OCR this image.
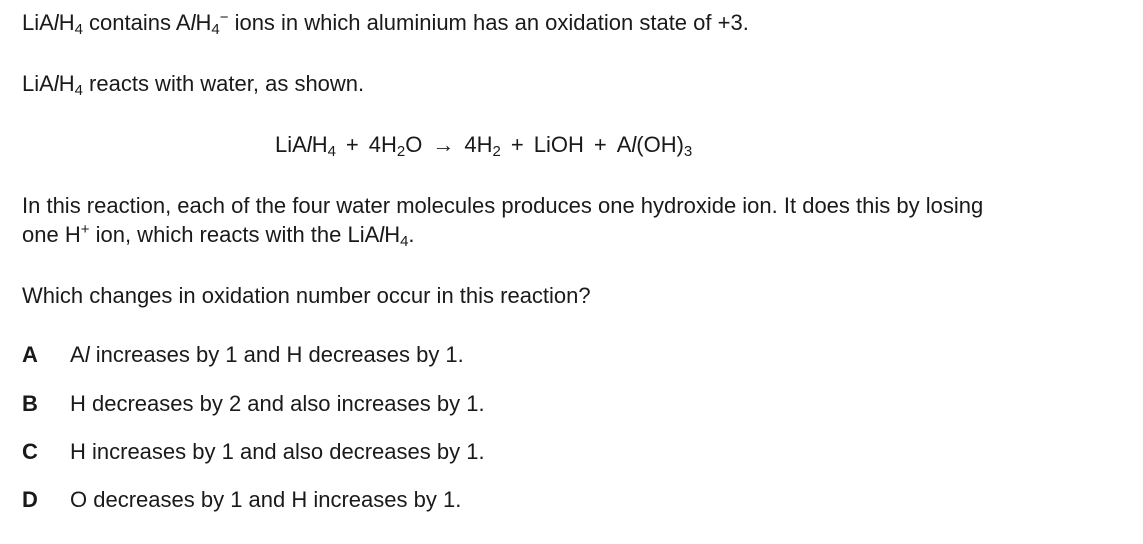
LiAlH$_4$ contains AlH$_4$− ions in which aluminium has an oxidation state of +3.
LiAlH$_4$ reacts with water, as shown.
LiAlH$_4$ + $4H_2O \to 4H_2$ + LiOH + $Al(OH)_3$
In this reaction, each of the four water molecules produces one hydroxide ion. It does this by losing
one H+ ion, which reacts with the LiAlH$_4$.
Which changes in oxidation number occur in this reaction?
A Al increases by 1 and H decreases by 1.
B H decreases by 2 and also increases by 1.
C H increases by 1 and also decreases by 1.
D O decreases by 1 and H increases by 1.
